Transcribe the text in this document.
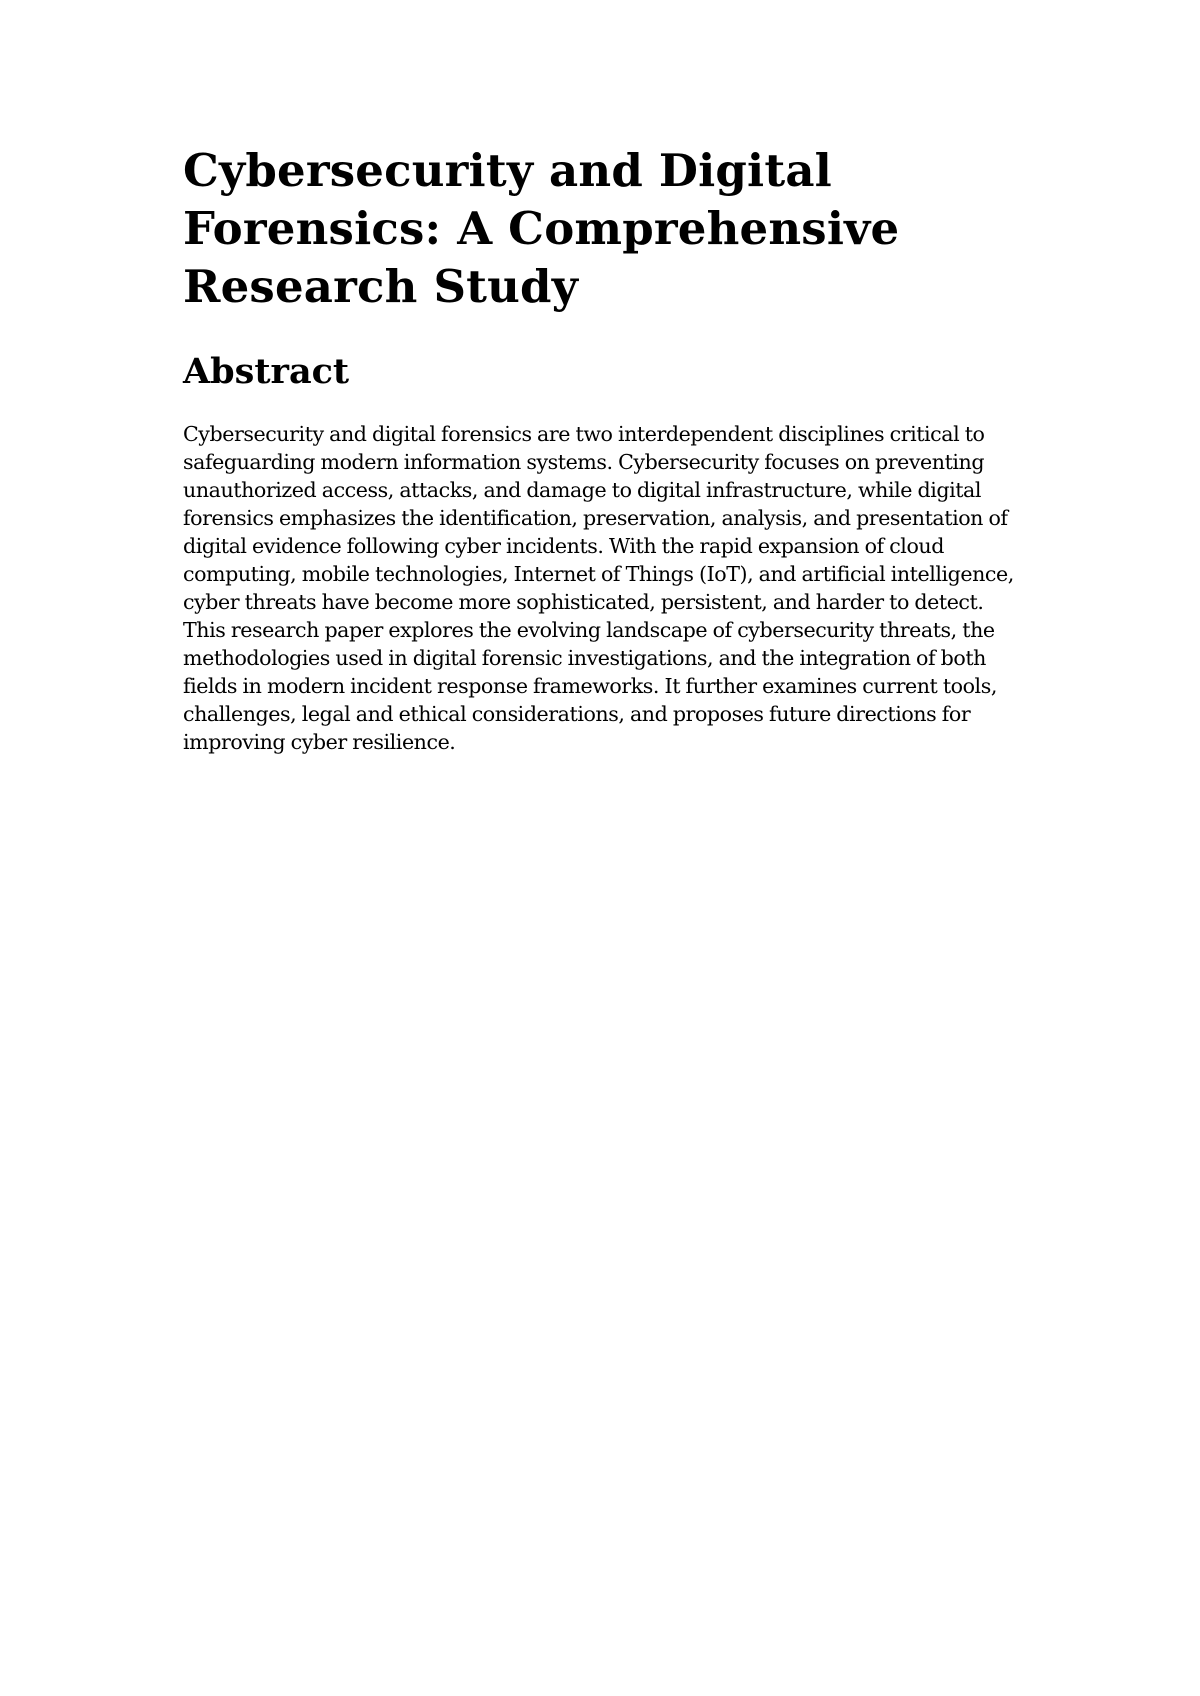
Cybersecurity and Digital Forensics: A Comprehensive Research Study
Abstract

Cybersecurity and digital forensics are two interdependent disciplines critical to safeguarding modern information systems. Cybersecurity focuses on preventing unauthorized access, attacks, and damage to digital infrastructure, while digital forensics emphasizes the identification, preservation, analysis, and presentation of digital evidence following cyber incidents. With the rapid expansion of cloud computing, mobile technologies, Internet of Things (IoT), and artificial intelligence, cyber threats have become more sophisticated, persistent, and harder to detect. This research paper explores the evolving landscape of cybersecurity threats, the methodologies used in digital forensic investigations, and the integration of both fields in modern incident response frameworks. It further examines current tools, challenges, legal and ethical considerations, and proposes future directions for improving cyber resilience.
